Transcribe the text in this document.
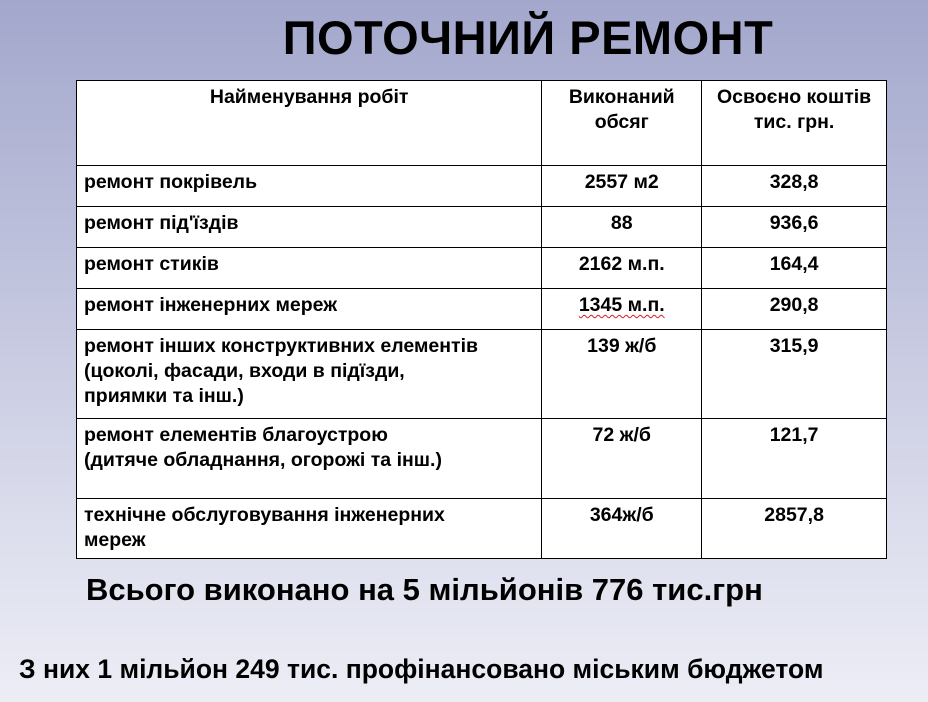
ПОТОЧНИЙ РЕМОНТ
Найменування робіт	Виконаний обсяг	Освоєно коштів тис. грн.
ремонт покрівель	2557 м2	328,8
ремонт під'їздів	88	936,6
ремонт стиків	2162 м.п.	164,4
ремонт інженерних мереж	1345 м.п.	290,8

ремонт інших конструктивних елементів
(цоколі, фасади, входи в підїзди,
приямки та інш.)	139 ж/б	315,9

ремонт елементів благоустрою
(дитяче обладнання, огорожі та інш.)	72 ж/б	121,7

технічне обслуговування інженерних
мереж	364ж/б	2857,8
Всього виконано на 5 мільйонів 776 тис.грн
З них 1 мільйон 249 тис. профінансовано міським бюджетом
